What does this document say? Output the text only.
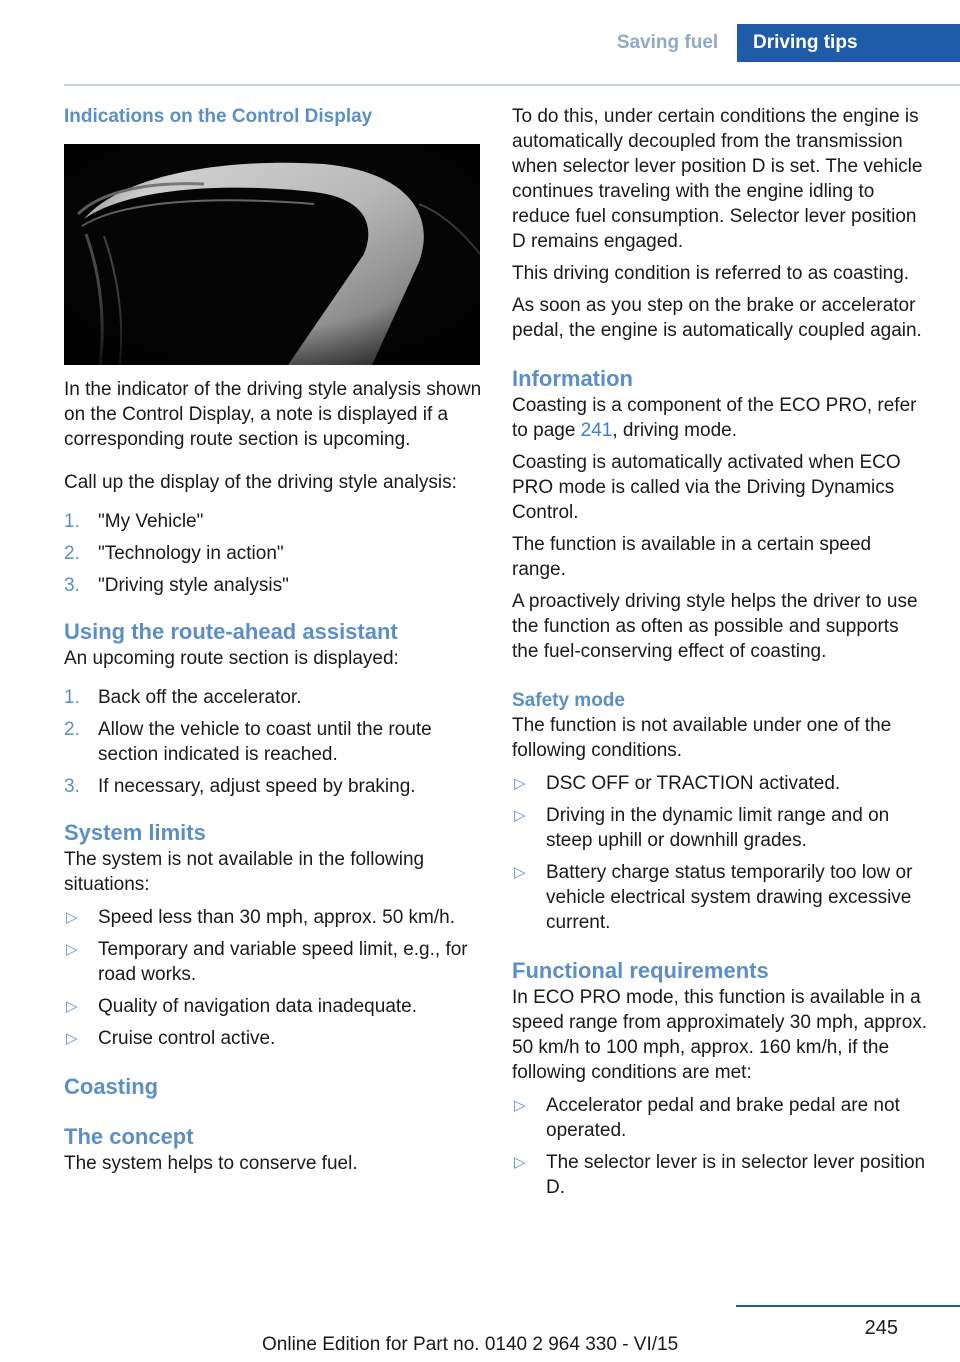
Saving fuel	Driving tips
Indications on the Control Display

In the indicator of the driving style analysis shown on the Control Display, a note is displayed if a corresponding route section is upcoming.

Call up the display of the driving style analysis:

1. "My Vehicle"
2. "Technology in action"
3. "Driving style analysis"
Using the route-ahead assistant

An upcoming route section is displayed:

1. Back off the accelerator.
2. Allow the vehicle to coast until the route section indicated is reached.
3. If necessary, adjust speed by braking.
System limits

The system is not available in the following situations:

▷ Speed less than 30 mph, approx. 50 km/h.
▷ Temporary and variable speed limit, e.g., for road works.
▷ Quality of navigation data inadequate.
▷ Cruise control active.
Coasting
The concept

The system helps to conserve fuel.

To do this, under certain conditions the engine is automatically decoupled from the transmission when selector lever position D is set. The vehicle continues traveling with the engine idling to reduce fuel consumption. Selector lever position D remains engaged.

This driving condition is referred to as coasting.

As soon as you step on the brake or accelerator pedal, the engine is automatically coupled again.

Information

Coasting is a component of the ECO PRO, refer to page 241, driving mode.

Coasting is automatically activated when ECO PRO mode is called via the Driving Dynamics Control.

The function is available in a certain speed range.

A proactively driving style helps the driver to use the function as often as possible and supports the fuel-conserving effect of coasting.

Safety mode

The function is not available under one of the following conditions.

▷ DSC OFF or TRACTION activated.
▷ Driving in the dynamic limit range and on steep uphill or downhill grades.
▷ Battery charge status temporarily too low or vehicle electrical system drawing excessive current.
Functional requirements

In ECO PRO mode, this function is available in a speed range from approximately 30 mph, approx. 50 km/h to 100 mph, approx. 160 km/h, if the following conditions are met:

▷ Accelerator pedal and brake pedal are not operated.
▷ The selector lever is in selector lever position D.
245
Online Edition for Part no. 0140 2 964 330 - VI/15
